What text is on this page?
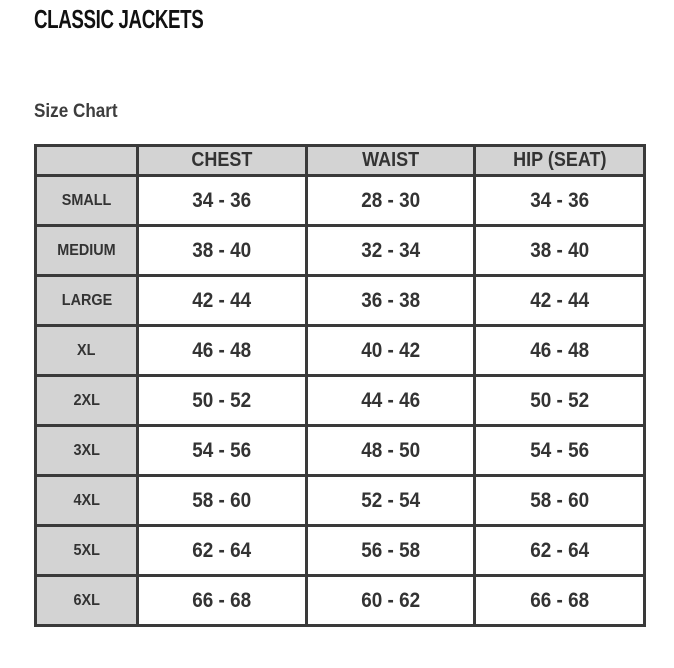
CLASSIC JACKETS
Size Chart
	CHEST	WAIST	HIP (SEAT)
SMALL	34 - 36	28 - 30	34 - 36
MEDIUM	38 - 40	32 - 34	38 - 40
LARGE	42 - 44	36 - 38	42 - 44
XL	46 - 48	40 - 42	46 - 48
2XL	50 - 52	44 - 46	50 - 52
3XL	54 - 56	48 - 50	54 - 56
4XL	58 - 60	52 - 54	58 - 60
5XL	62 - 64	56 - 58	62 - 64
6XL	66 - 68	60 - 62	66 - 68
